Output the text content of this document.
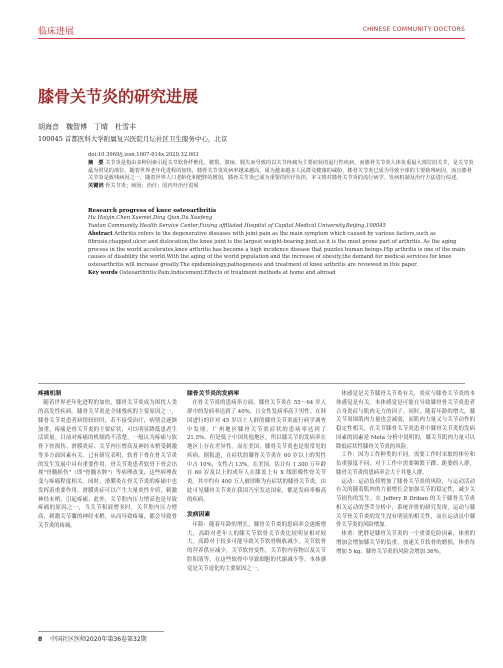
临床进展	CHINESE COMMUNITY DOCTORS
膝骨关节炎的研究进展
胡海音　魏智博　丁晴　杜雪丰
100045 首都医科大学附属复兴医院月坛社区卫生服务中心，北京
doi:10.3969/j.issn.1007-614x.2020.32.003
摘　要 关节炎是指由多种因素引起关节软骨纤维化、皲裂、溃疡、脱失而导致的以关节疼痛为主要症状的退行性疾病，而膝骨关节炎人体负重最大部位的关节，是关节炎最为常见的部位。随着世界老年化进程的加快，膝骨关节炎发病率越来越高，成为越来越多人民群众健康的威胁，膝骨关节炎已成为导致全球的主要致残病因，而且膝骨关节炎是致残病因之一，随着世界人口老龄化和肥胖的增加，膝骨关节炎已成为重要的医疗负担，本文将对膝骨关节炎的流行病学、发病机制及治疗方法进行综述。
关键词 骨关节炎；病因；治疗；国内外治疗进展
Research progress of knee osteoarthritis
Hu Haiyin,Chen Xuemei,Ding Qian,Du Xuefeng
Yuetan Community Health Service Center,Fuxing affiliated Hospital of Capital Medical University,Beijing,100045
Abstract Arthritis refers to the degenerative diseases with joint pain as the main symptom which caused by various factors,such as fibrosis,chapped,ulcer and dislocation,the knee joint is the largest weight-bearing joint,so it is the most prone part of arthritis. As the aging process in the world accelerates,knee arthritis has become a high incidence disease that puzzles human beings.Hip arthritis is one of the main causes of disability the world.With the aging of the world population and the increase of obesity,the demand for medical services for knee osteoarthritis will increase greatly.The epidemiology,pathogenesis and treatment of knee arthritis are reviewed in this paper.
Key words Osteoarthritis;Pain;Inducement;Effects of treatment methods at home and abroad
疼痛机制

随着世界老年化进程的加快，膝骨关节炎成为困扰人类的高发性疾病。膝骨关节炎是全球残疾的主要原因之一，膝骨关节炎患者病情较轻时，若不接受治疗，病情会逐渐加重，疼痛是骨关节炎的主要症状，可以明显降低患者生活质量。目前对疼痛的机制尚不清楚，一般认为疼痛与软骨下骨损伤、滑膜炎症、关节内压增高及神经末梢受刺激等多方面因素有关。已有研究表明，软骨下骨在骨关节炎的发生发展中具有重要作用，骨关节炎患者软骨下骨会出现"骨髓损伤"（即"骨髓水肿"）等病理改变，这些病理改变与疼痛程度相关。同时，滑膜炎在骨关节炎的疼痛中也发挥着重要作用，滑膜炎症可以产生大量炎性介质，刺激神经末梢，引起疼痛。此外，关节腔内压力增高也是导致疼痛的原因之一，当关节积液增多时，关节腔内压力增高，刺激关节囊的神经末梢，从而导致疼痛，都会导致骨关节炎的疼痛。

膝骨关节炎的发病率

在骨关节炎的患病率方面，膝骨关节炎在 55～64 岁人群中的发病率达到了 40%，且女性发病率高于男性。在韩国进行的针对 45 岁以上人群的膝骨关节炎流行病学调查中发现，广州地区膝骨关节炎症状的患病率达到了 21.5%。但是低于中国其他地区，所以膝关节的发病率在地区上存在差异性。而在美国，膝骨关节炎也是很常见的疾病。据报道，在症状的膝骨关节炎在 60 岁以上的男性中占 10%，女性占 13%。在美国，估计有 1 300 万年龄在 60 岁及以上的成年人在膝盖上有 X 线影像性骨关节炎。其中约有 400 万人被诊断为有症状的膝骨关节炎。由此可见膝骨关节炎在我国乃至发达国家，都是发病率极高的疾病。

发病因素

年龄：随着年龄的增长，膝骨关节炎的患病率会逐渐增大，高龄对老年人的膝关节软骨关节炎比较明显相对较大。高龄对于较多可能导致关节软骨吸收减少，关节软骨的营养供应减少，关节软骨变性，关节腔内容物以及关节腔积液等，在这些软骨中导致细胞的代谢减少等。本体感觉是关节退化的主要原因之一。

体感觉是关节膝骨关节炎有关，炎症与膝骨关节炎的本体感觉是有关。本体感觉是可能在导致膝骨骨关节炎患者合身炎症与肌肉无力的因子。同时，随着年龄的增大，膝关节周围肌肉力量也会减弱，而肌肉力量又与关节动作的稳定性相关，在关节膝骨关节炎患者中膝骨关节炎的发病因素的因素是 Meta 分析中说明的，膝关节肌肉力量可以降低症状性膝骨关节炎的风险。

工作：因为工作种类的不同，需要工作时采取的体位和负重强度不同，对于工作中需要频繁下蹲、跪姿的人群，膝骨关节炎的患病率会大于其他人群。

运动：运动负荷增加了膝骨关节炎的风险，与运动活动有关的随着肌肉的力量增长会加强关节的稳定性，减少关节损伤的发生。在 Jeffery B Driban 的关于膝骨关节炎相关运动的荟萃分析中，系统评价的研究发现，运动与膝关节骨关节炎的发生没有明显的相关性，而在运动员中膝骨关节炎的风险增加。

体重：肥胖是膝骨关节炎的一个重要危险因素，体重的增加会增加膝关节的负重，加速关节软骨的磨损，体重每增加 5 kg，膝骨关节炎的风险会增加 36%。

8 中国社区医师2020年第36卷第32期
